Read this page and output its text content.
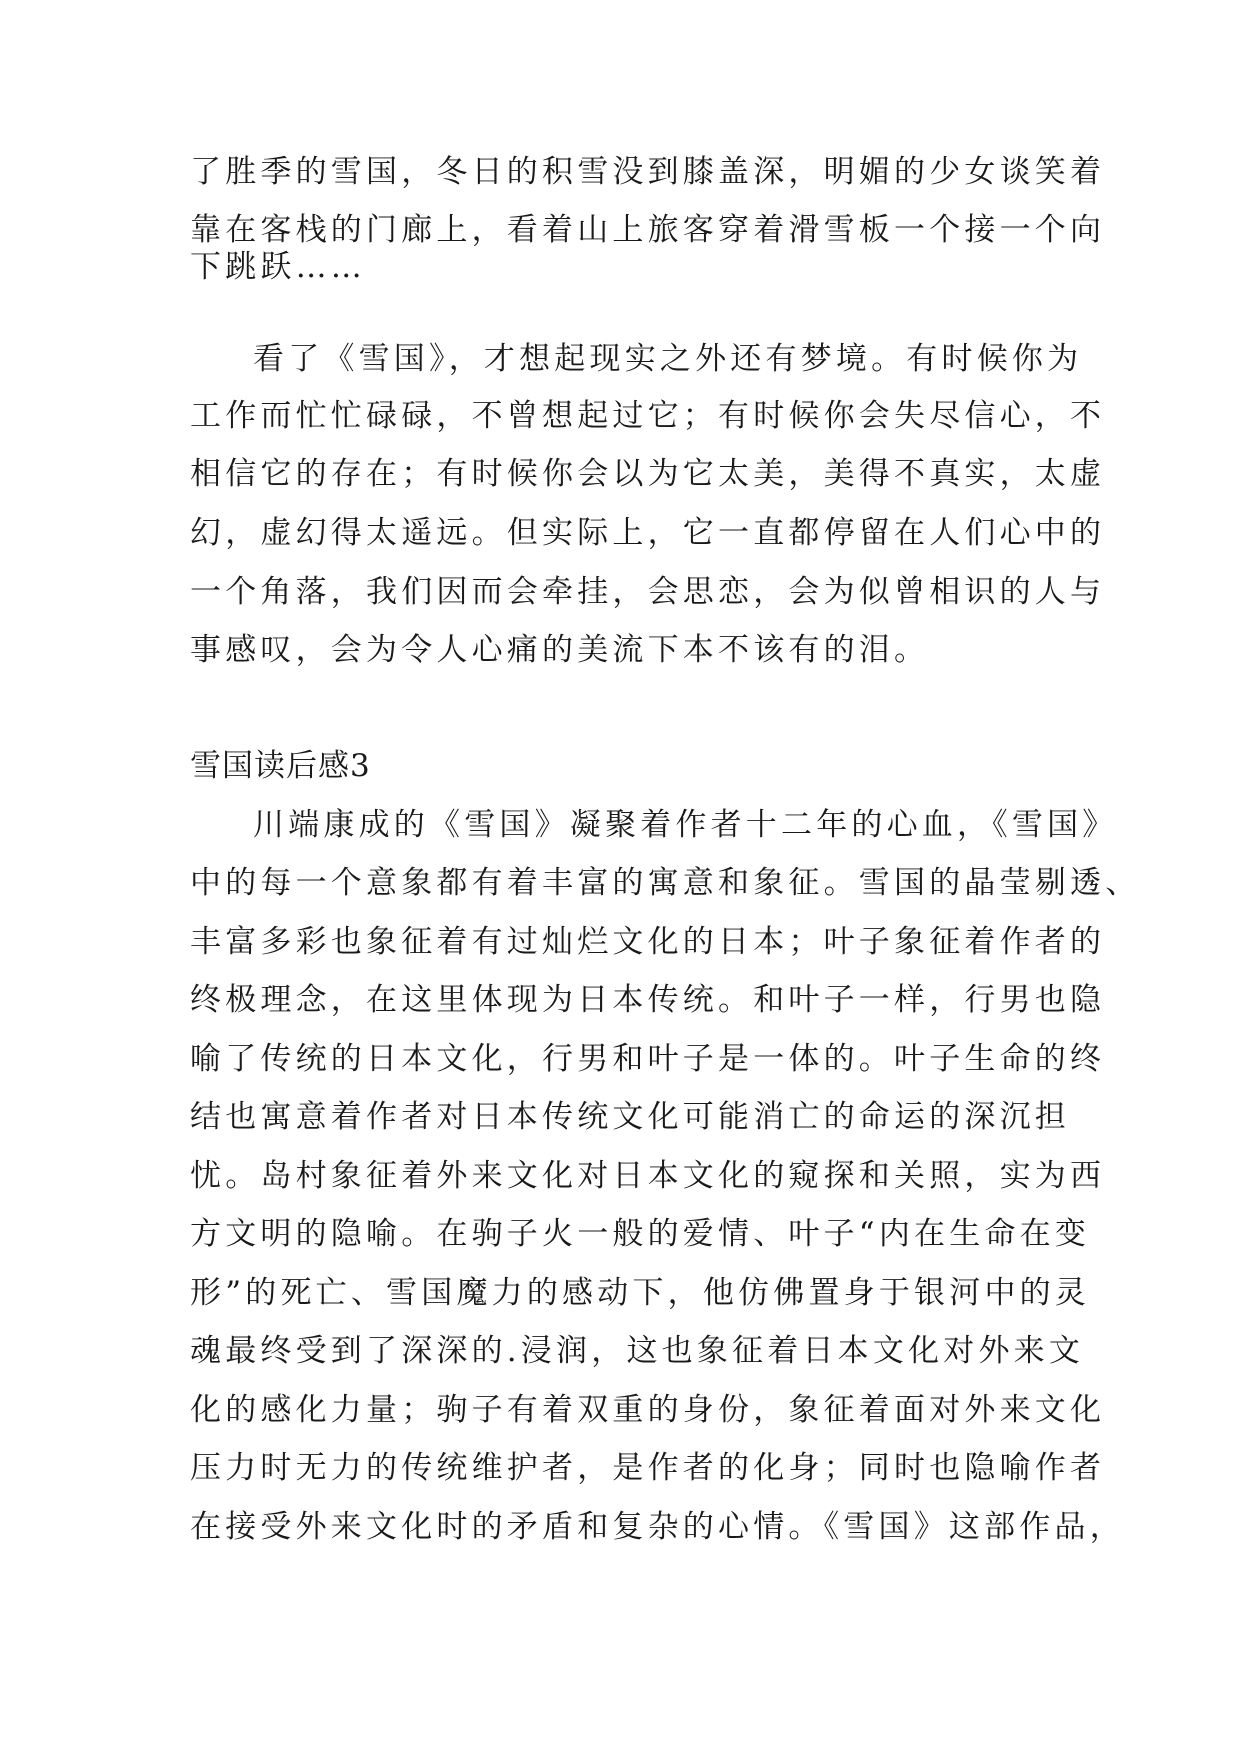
了胜季的雪国，冬日的积雪没到膝盖深，明媚的少女谈笑着
靠在客栈的门廊上，看着山上旅客穿着滑雪板一个接一个向
下跳跃……
看了《雪国》，才想起现实之外还有梦境。有时候你为
工作而忙忙碌碌，不曾想起过它；有时候你会失尽信心，不
相信它的存在；有时候你会以为它太美，美得不真实，太虚
幻，虚幻得太遥远。但实际上，它一直都停留在人们心中的
一个角落，我们因而会牵挂，会思恋，会为似曾相识的人与
事感叹，会为令人心痛的美流下本不该有的泪。
雪国读后感3
川端康成的《雪国》凝聚着作者十二年的心血，《雪国》
中的每一个意象都有着丰富的寓意和象征。雪国的晶莹剔透、
丰富多彩也象征着有过灿烂文化的日本；叶子象征着作者的
终极理念，在这里体现为日本传统。和叶子一样，行男也隐
喻了传统的日本文化，行男和叶子是一体的。叶子生命的终
结也寓意着作者对日本传统文化可能消亡的命运的深沉担
忧。岛村象征着外来文化对日本文化的窥探和关照，实为西
方文明的隐喻。在驹子火一般的爱情、叶子“内在生命在变
形”的死亡、雪国魔力的感动下，他仿佛置身于银河中的灵
魂最终受到了深深的.浸润，这也象征着日本文化对外来文
化的感化力量；驹子有着双重的身份，象征着面对外来文化
压力时无力的传统维护者，是作者的化身；同时也隐喻作者
在接受外来文化时的矛盾和复杂的心情。《雪国》这部作品，
